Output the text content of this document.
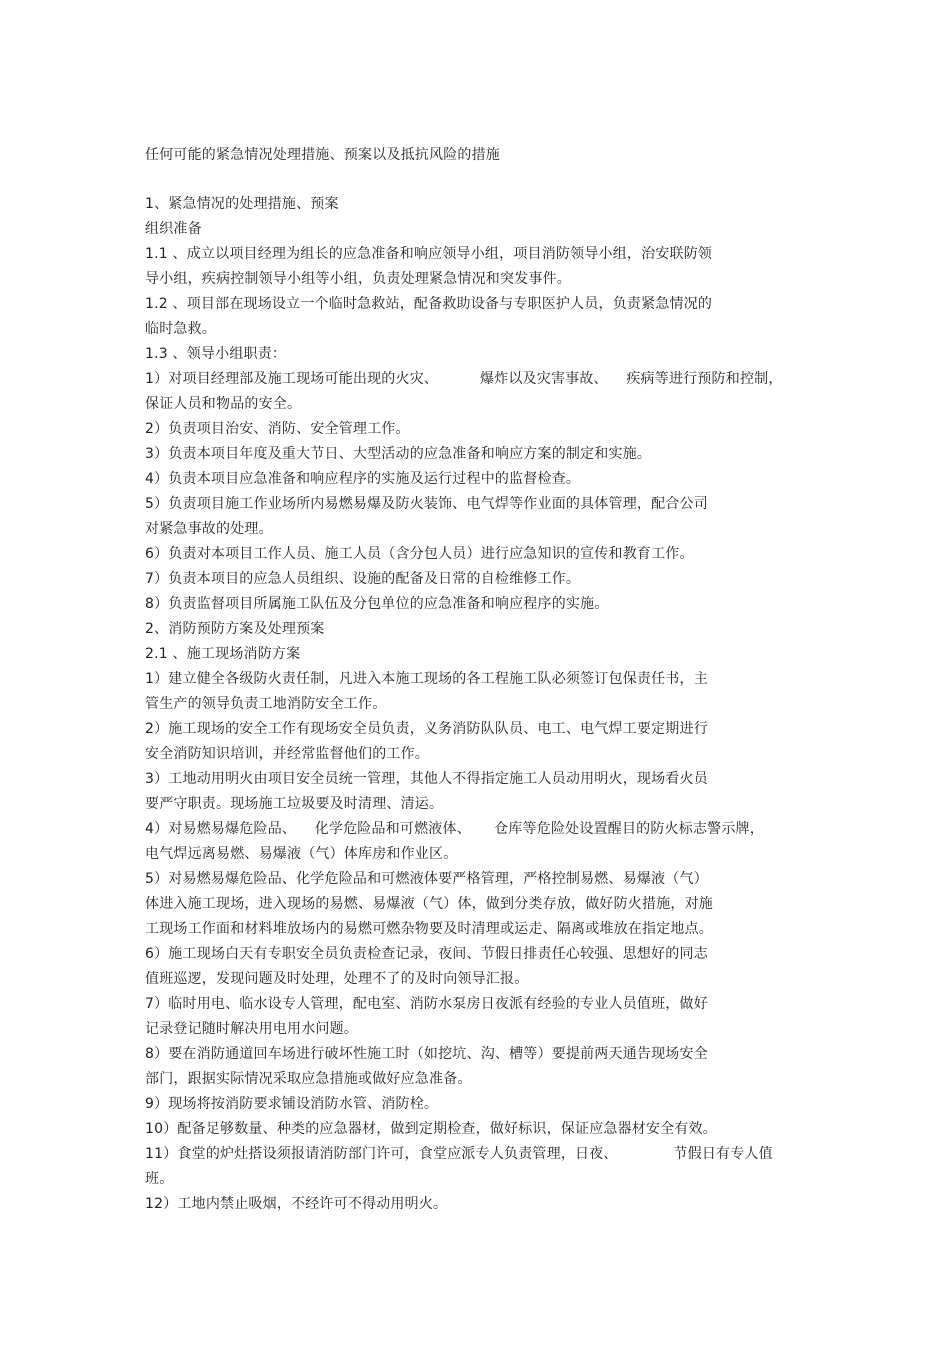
任何可能的紧急情况处理措施、预案以及抵抗风险的措施
1、紧急情况的处理措施、预案
组织准备
1.1 、成立以项目经理为组长的应急准备和响应领导小组，项目消防领导小组，治安联防领
导小组，疾病控制领导小组等小组，负责处理紧急情况和突发事件。
1.2 、项目部在现场设立一个临时急救站，配备救助设备与专职医护人员，负责紧急情况的
临时急救。
1.3 、领导小组职责：
1）对项目经理部及施工现场可能出现的火灾、         爆炸以及灾害事故、    疾病等进行预防和控制，
保证人员和物品的安全。
2）负责项目治安、消防、安全管理工作。
3）负责本项目年度及重大节日、大型活动的应急准备和响应方案的制定和实施。
4）负责本项目应急准备和响应程序的实施及运行过程中的监督检查。
5）负责项目施工作业场所内易燃易爆及防火装饰、电气焊等作业面的具体管理，配合公司
对紧急事故的处理。
6）负责对本项目工作人员、施工人员（含分包人员）进行应急知识的宣传和教育工作。
7）负责本项目的应急人员组织、设施的配备及日常的自检维修工作。
8）负责监督项目所属施工队伍及分包单位的应急准备和响应程序的实施。
2、消防预防方案及处理预案
2.1 、施工现场消防方案
1）建立健全各级防火责任制，凡进入本施工现场的各工程施工队必须签订包保责任书，主
管生产的领导负责工地消防安全工作。
2）施工现场的安全工作有现场安全员负责，义务消防队队员、电工、电气焊工要定期进行
安全消防知识培训，并经常监督他们的工作。
3）工地动用明火由项目安全员统一管理，其他人不得指定施工人员动用明火，现场看火员
要严守职责。现场施工垃圾要及时清理、清运。
4）对易燃易爆危险品、    化学危险品和可燃液体、     仓库等危险处设置醒目的防火标志警示牌，
电气焊远离易燃、易爆液（气）体库房和作业区。
5）对易燃易爆危险品、化学危险品和可燃液体要严格管理，严格控制易燃、易爆液（气）
体进入施工现场，进入现场的易燃、易爆液（气）体，做到分类存放，做好防火措施，对施
工现场工作面和材料堆放场内的易燃可燃杂物要及时清理或运走、隔离或堆放在指定地点。
6）施工现场白天有专职安全员负责检查记录，夜间、节假日排责任心较强、思想好的同志
值班巡逻，发现问题及时处理，处理不了的及时向领导汇报。
7）临时用电、临水设专人管理，配电室、消防水泵房日夜派有经验的专业人员值班，做好
记录登记随时解决用电用水问题。
8）要在消防通道回车场进行破坏性施工时（如挖坑、沟、槽等）要提前两天通告现场安全
部门，跟据实际情况采取应急措施或做好应急准备。
9）现场将按消防要求铺设消防水管、消防栓。
10）配备足够数量、种类的应急器材，做到定期检查，做好标识，保证应急器材安全有效。
11）食堂的炉灶搭设须报请消防部门许可，食堂应派专人负责管理，日夜、            节假日有专人值
班。
12）工地内禁止吸烟，不经许可不得动用明火。
